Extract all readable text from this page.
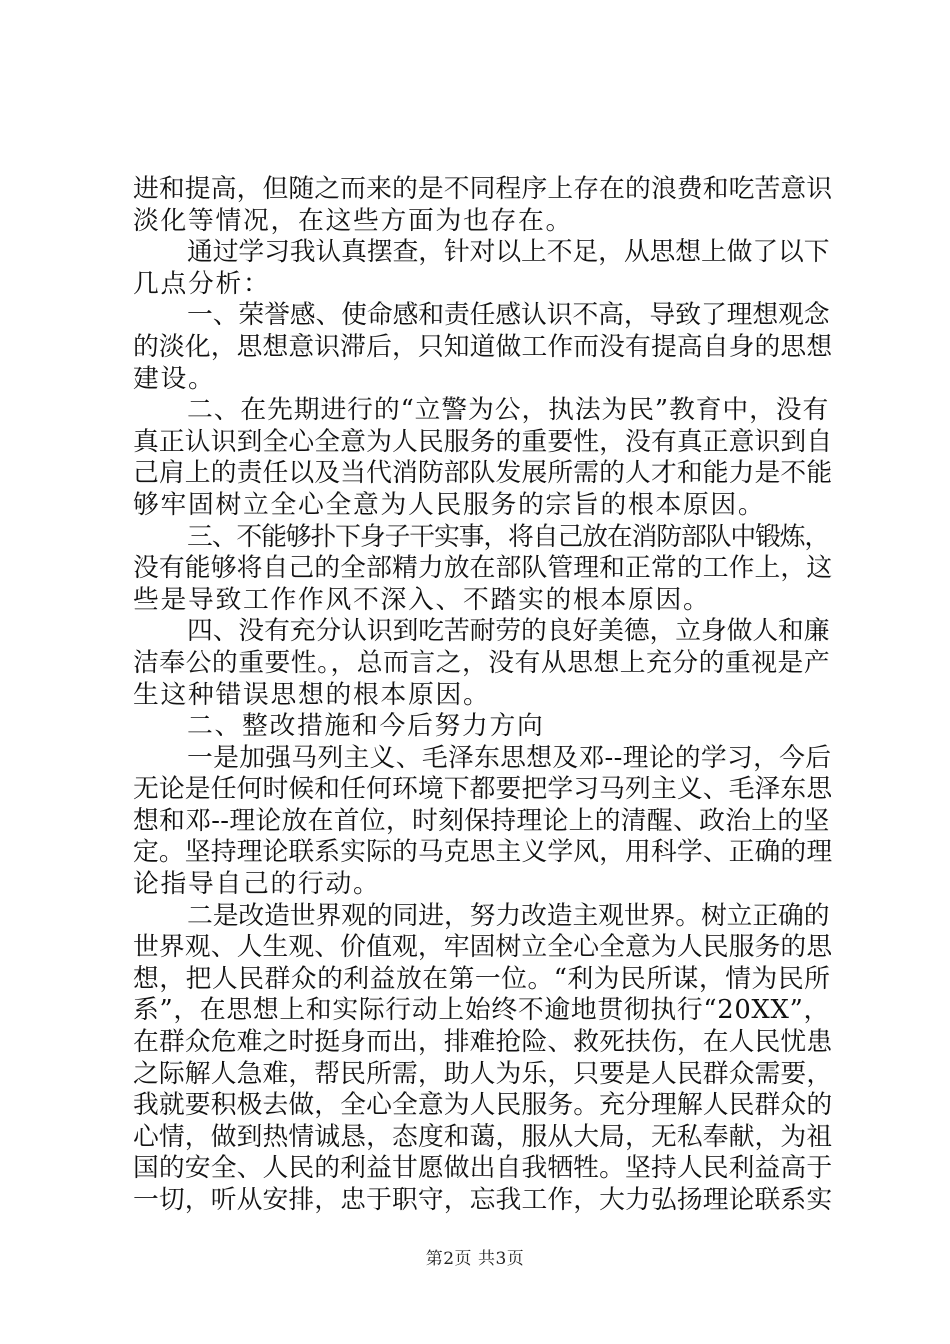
进和提高，但随之而来的是不同程序上存在的浪费和吃苦意识
淡化等情况，在这些方面为也存在。
通过学习我认真摆查，针对以上不足，从思想上做了以下
几点分析：
一、荣誉感、使命感和责任感认识不高，导致了理想观念
的淡化，思想意识滞后，只知道做工作而没有提高自身的思想
建设。
二、在先期进行的“立警为公，执法为民”教育中，没有
真正认识到全心全意为人民服务的重要性，没有真正意识到自
己肩上的责任以及当代消防部队发展所需的人才和能力是不能
够牢固树立全心全意为人民服务的宗旨的根本原因。
三、不能够扑下身子干实事，将自己放在消防部队中锻炼，
没有能够将自己的全部精力放在部队管理和正常的工作上，这
些是导致工作作风不深入、不踏实的根本原因。
四、没有充分认识到吃苦耐劳的良好美德，立身做人和廉
洁奉公的重要性。，总而言之，没有从思想上充分的重视是产
生这种错误思想的根本原因。
二、整改措施和今后努力方向
一是加强马列主义、毛泽东思想及邓--理论的学习，今后
无论是任何时候和任何环境下都要把学习马列主义、毛泽东思
想和邓--理论放在首位，时刻保持理论上的清醒、政治上的坚
定。坚持理论联系实际的马克思主义学风，用科学、正确的理
论指导自己的行动。
二是改造世界观的同进，努力改造主观世界。树立正确的
世界观、人生观、价值观，牢固树立全心全意为人民服务的思
想，把人民群众的利益放在第一位。“利为民所谋，情为民所
系”，在思想上和实际行动上始终不逾地贯彻执行“20XX”，
在群众危难之时挺身而出，排难抢险、救死扶伤，在人民忧患
之际解人急难，帮民所需，助人为乐，只要是人民群众需要，
我就要积极去做，全心全意为人民服务。充分理解人民群众的
心情，做到热情诚恳，态度和蔼，服从大局，无私奉献，为祖
国的安全、人民的利益甘愿做出自我牺牲。坚持人民利益高于
一切，听从安排，忠于职守，忘我工作，大力弘扬理论联系实
第2页 共3页
